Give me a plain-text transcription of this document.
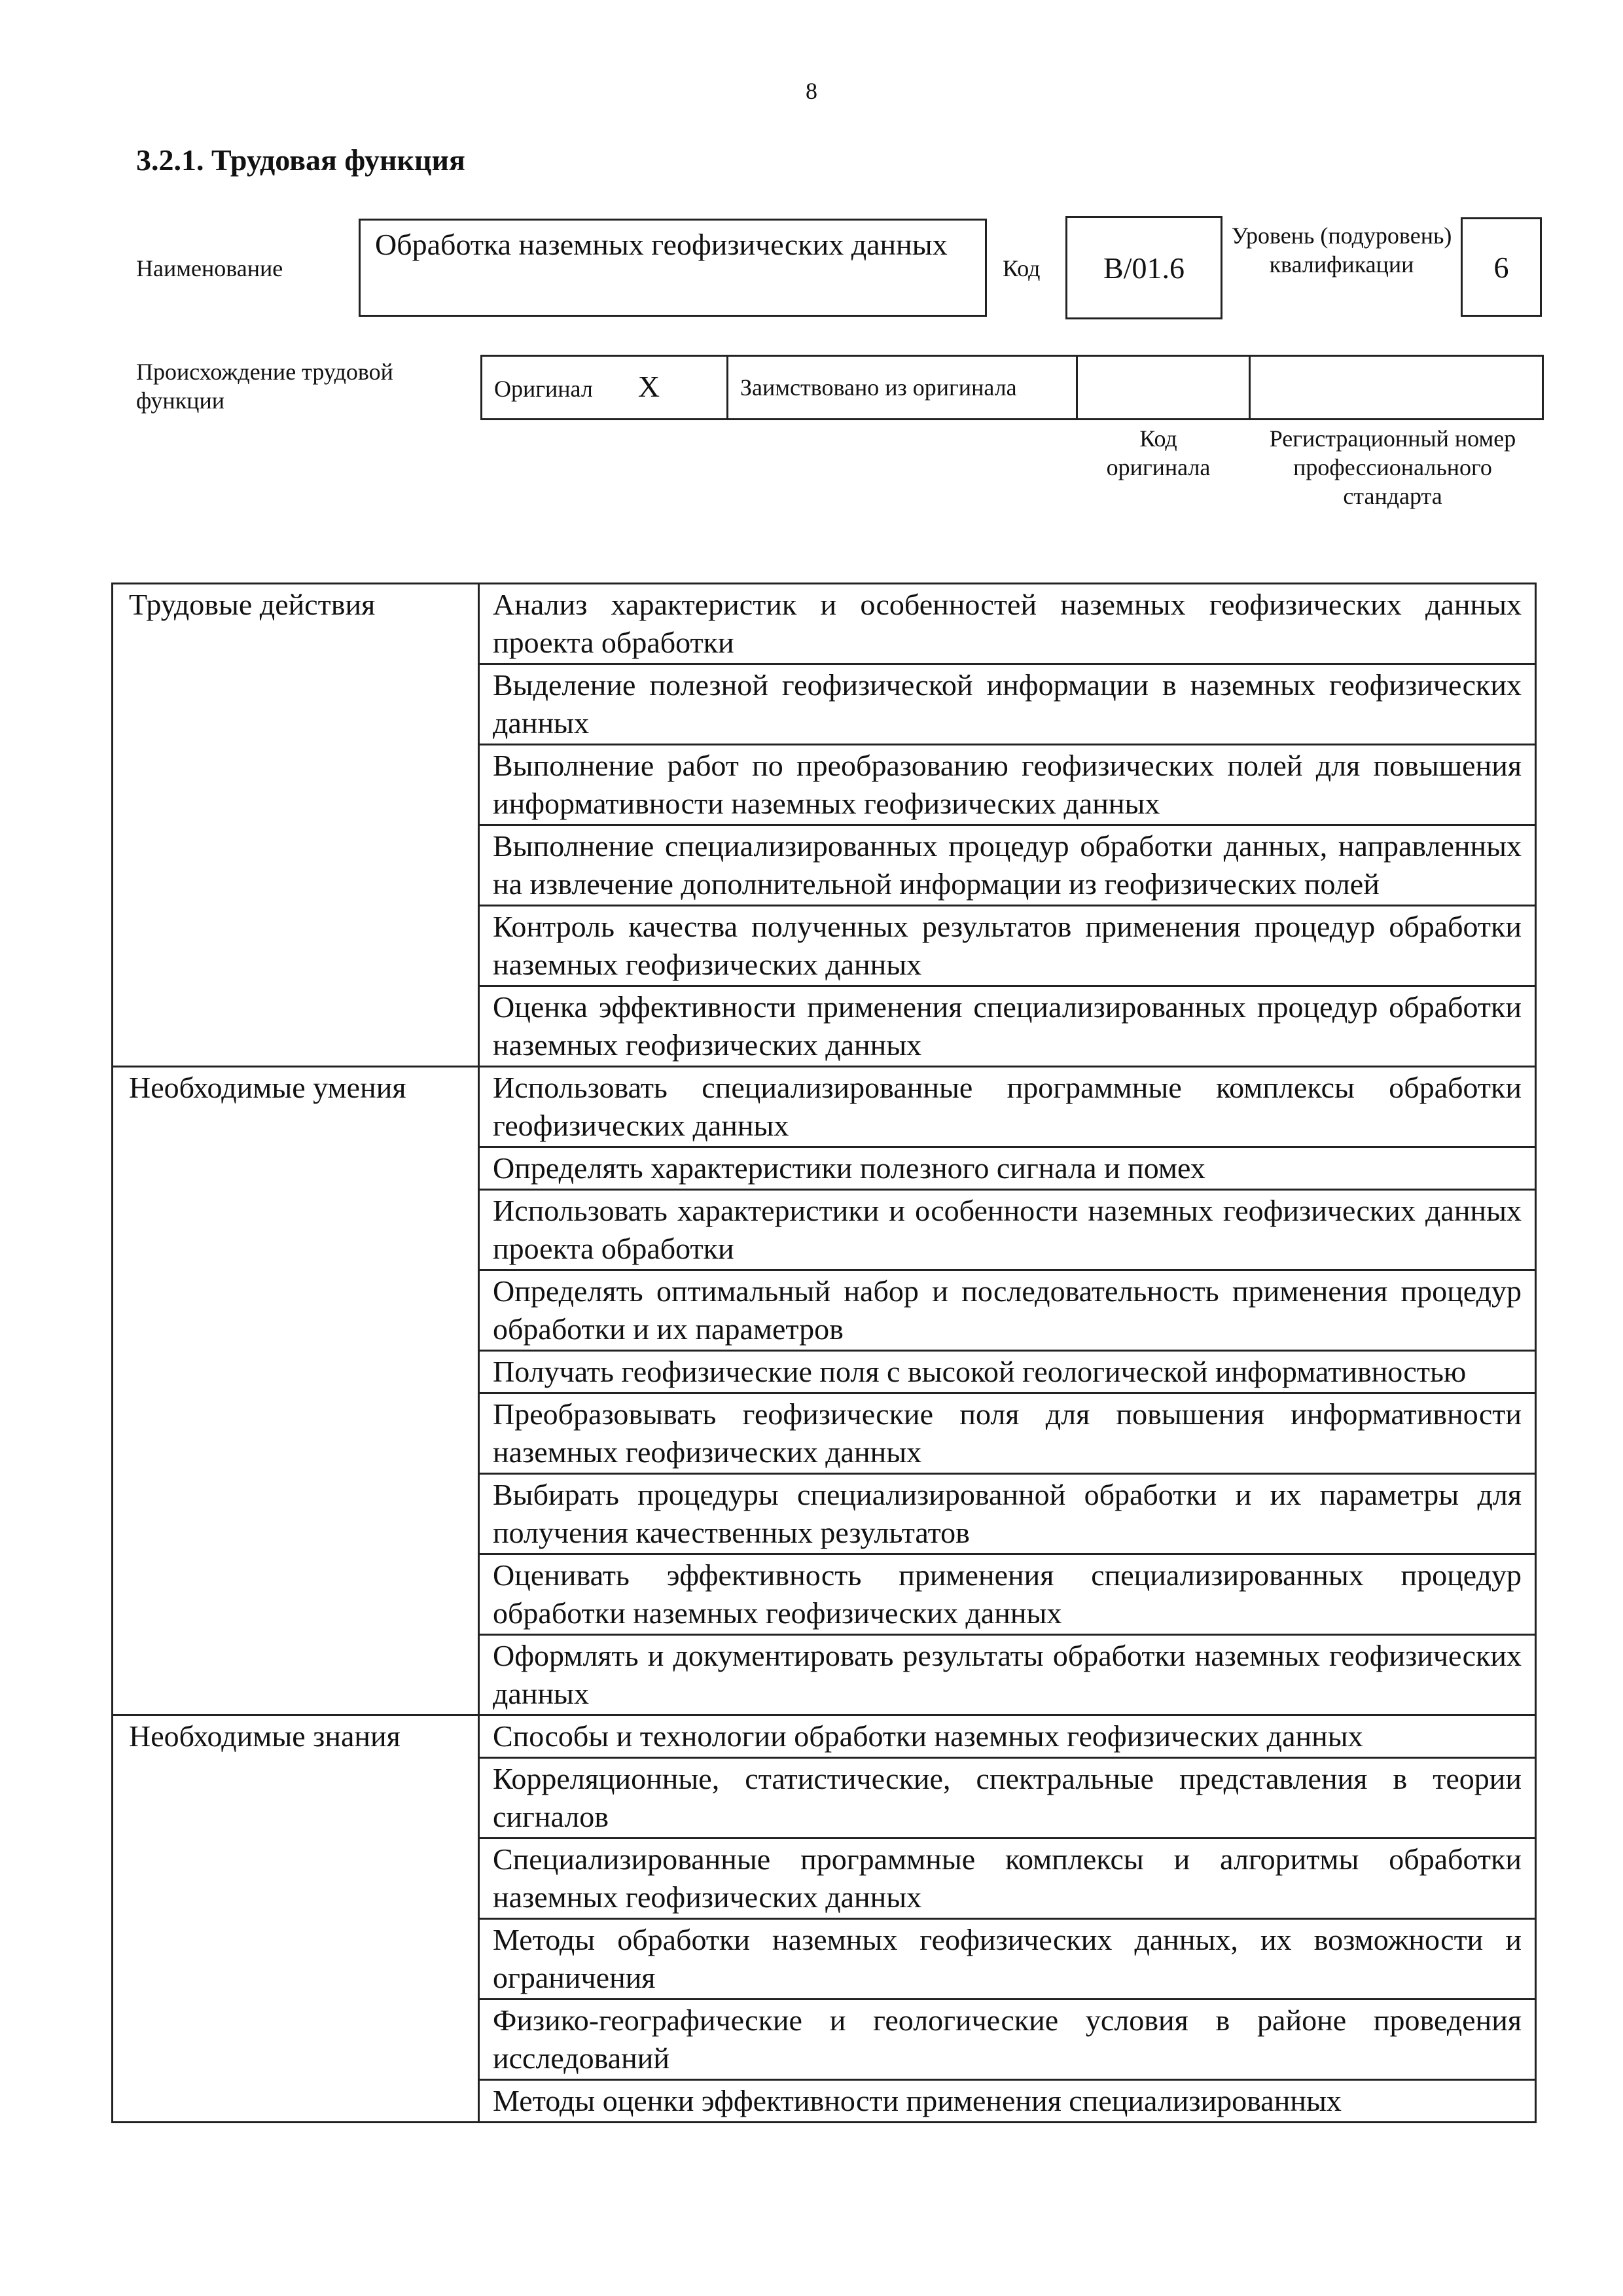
8
3.2.1. Трудовая функция
Наименование
Обработка наземных геофизических данных
Код B/01.6
Уровень (подуровень) квалификации	6
Происхождение трудовой функции	Оригинал X	Заимствовано из оригинала		
Код оригинала
Регистрационный номер профессионального стандарта
Трудовые действия	Анализ характеристик и особенностей наземных геофизических данных проекта обработки
	Выделение полезной геофизической информации в наземных геофизических данных
	Выполнение работ по преобразованию геофизических полей для повышения информативности наземных геофизических данных
	Выполнение специализированных процедур обработки данных, направленных на извлечение дополнительной информации из геофизических полей
	Контроль качества полученных результатов применения процедур обработки наземных геофизических данных
	Оценка эффективности применения специализированных процедур обработки наземных геофизических данных
Необходимые умения	Использовать специализированные программные комплексы обработки геофизических данных
	Определять характеристики полезного сигнала и помех
	Использовать характеристики и особенности наземных геофизических данных проекта обработки
	Определять оптимальный набор и последовательность применения процедур обработки и их параметров
	Получать геофизические поля с высокой геологической информативностью
	Преобразовывать геофизические поля для повышения информативности наземных геофизических данных
	Выбирать процедуры специализированной обработки и их параметры для получения качественных результатов
	Оценивать эффективность применения специализированных процедур обработки наземных геофизических данных
	Оформлять и документировать результаты обработки наземных геофизических данных
Необходимые знания	Способы и технологии обработки наземных геофизических данных
	Корреляционные, статистические, спектральные представления в теории сигналов
	Специализированные программные комплексы и алгоритмы обработки наземных геофизических данных
	Методы обработки наземных геофизических данных, их возможности и ограничения
	Физико-географические и геологические условия в районе проведения исследований
	Методы оценки эффективности применения специализированных
